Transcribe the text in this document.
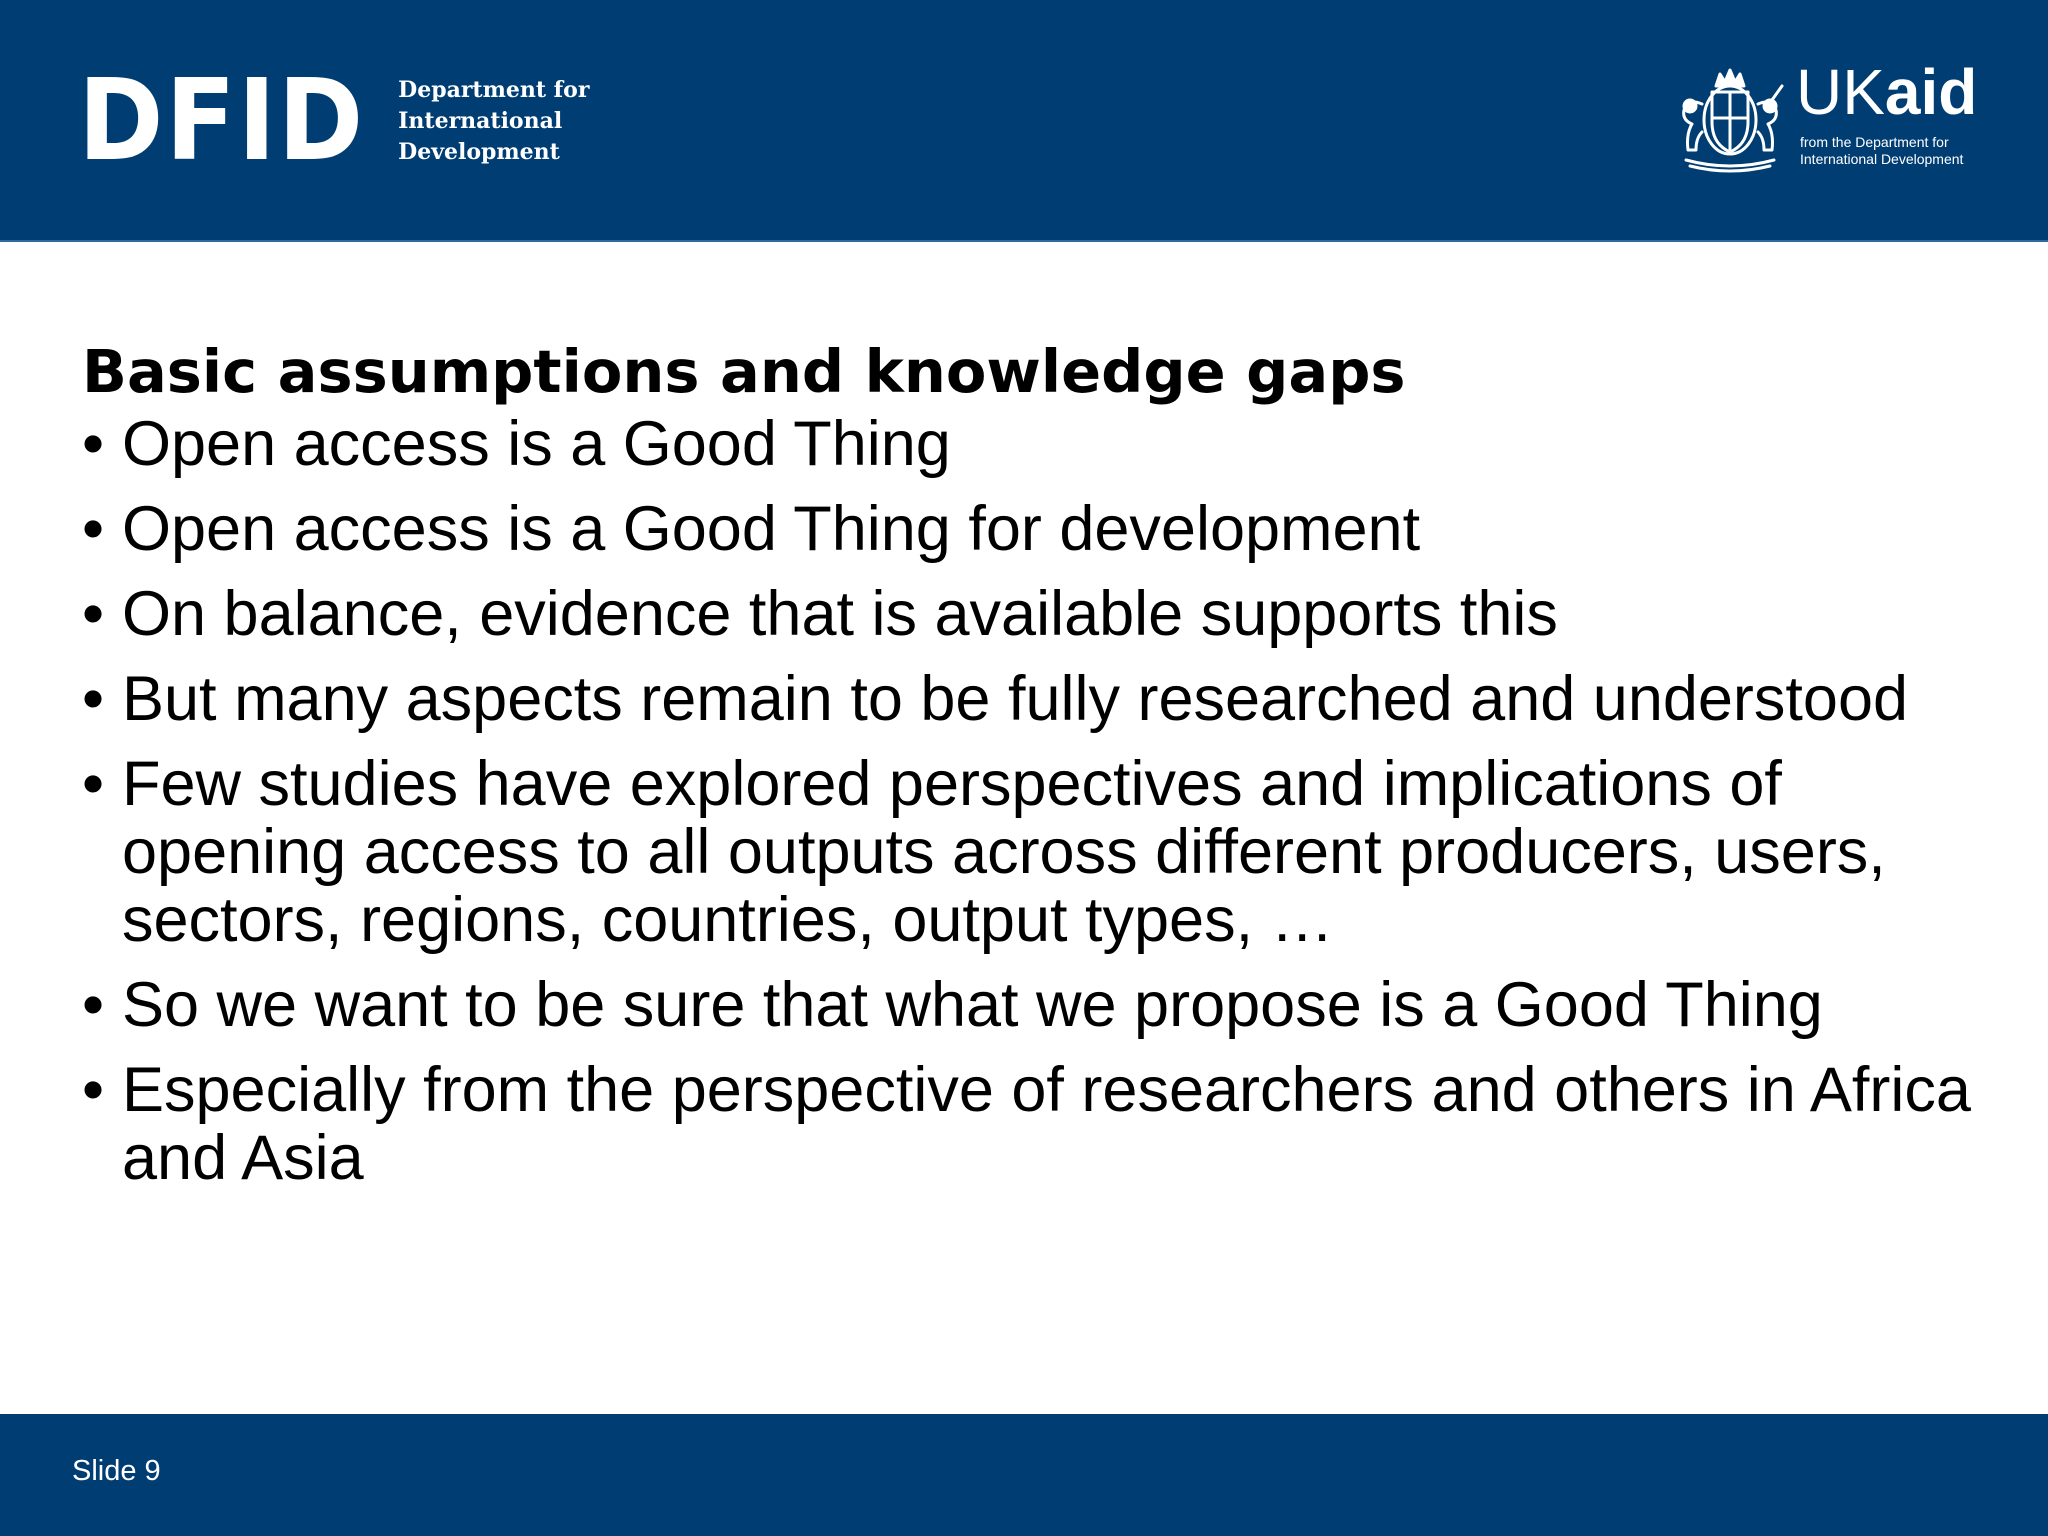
DFID Department for
International
Development
UKaid
from the Department for
International Development
Basic assumptions and knowledge gaps
• Open access is a Good Thing
• Open access is a Good Thing for development
• On balance, evidence that is available supports this
• But many aspects remain to be fully researched and understood
• Few studies have explored perspectives and implications of opening access to all outputs across different producers, users, sectors, regions, countries, output types, …
• So we want to be sure that what we propose is a Good Thing
• Especially from the perspective of researchers and others in Africa and Asia
Slide 9
